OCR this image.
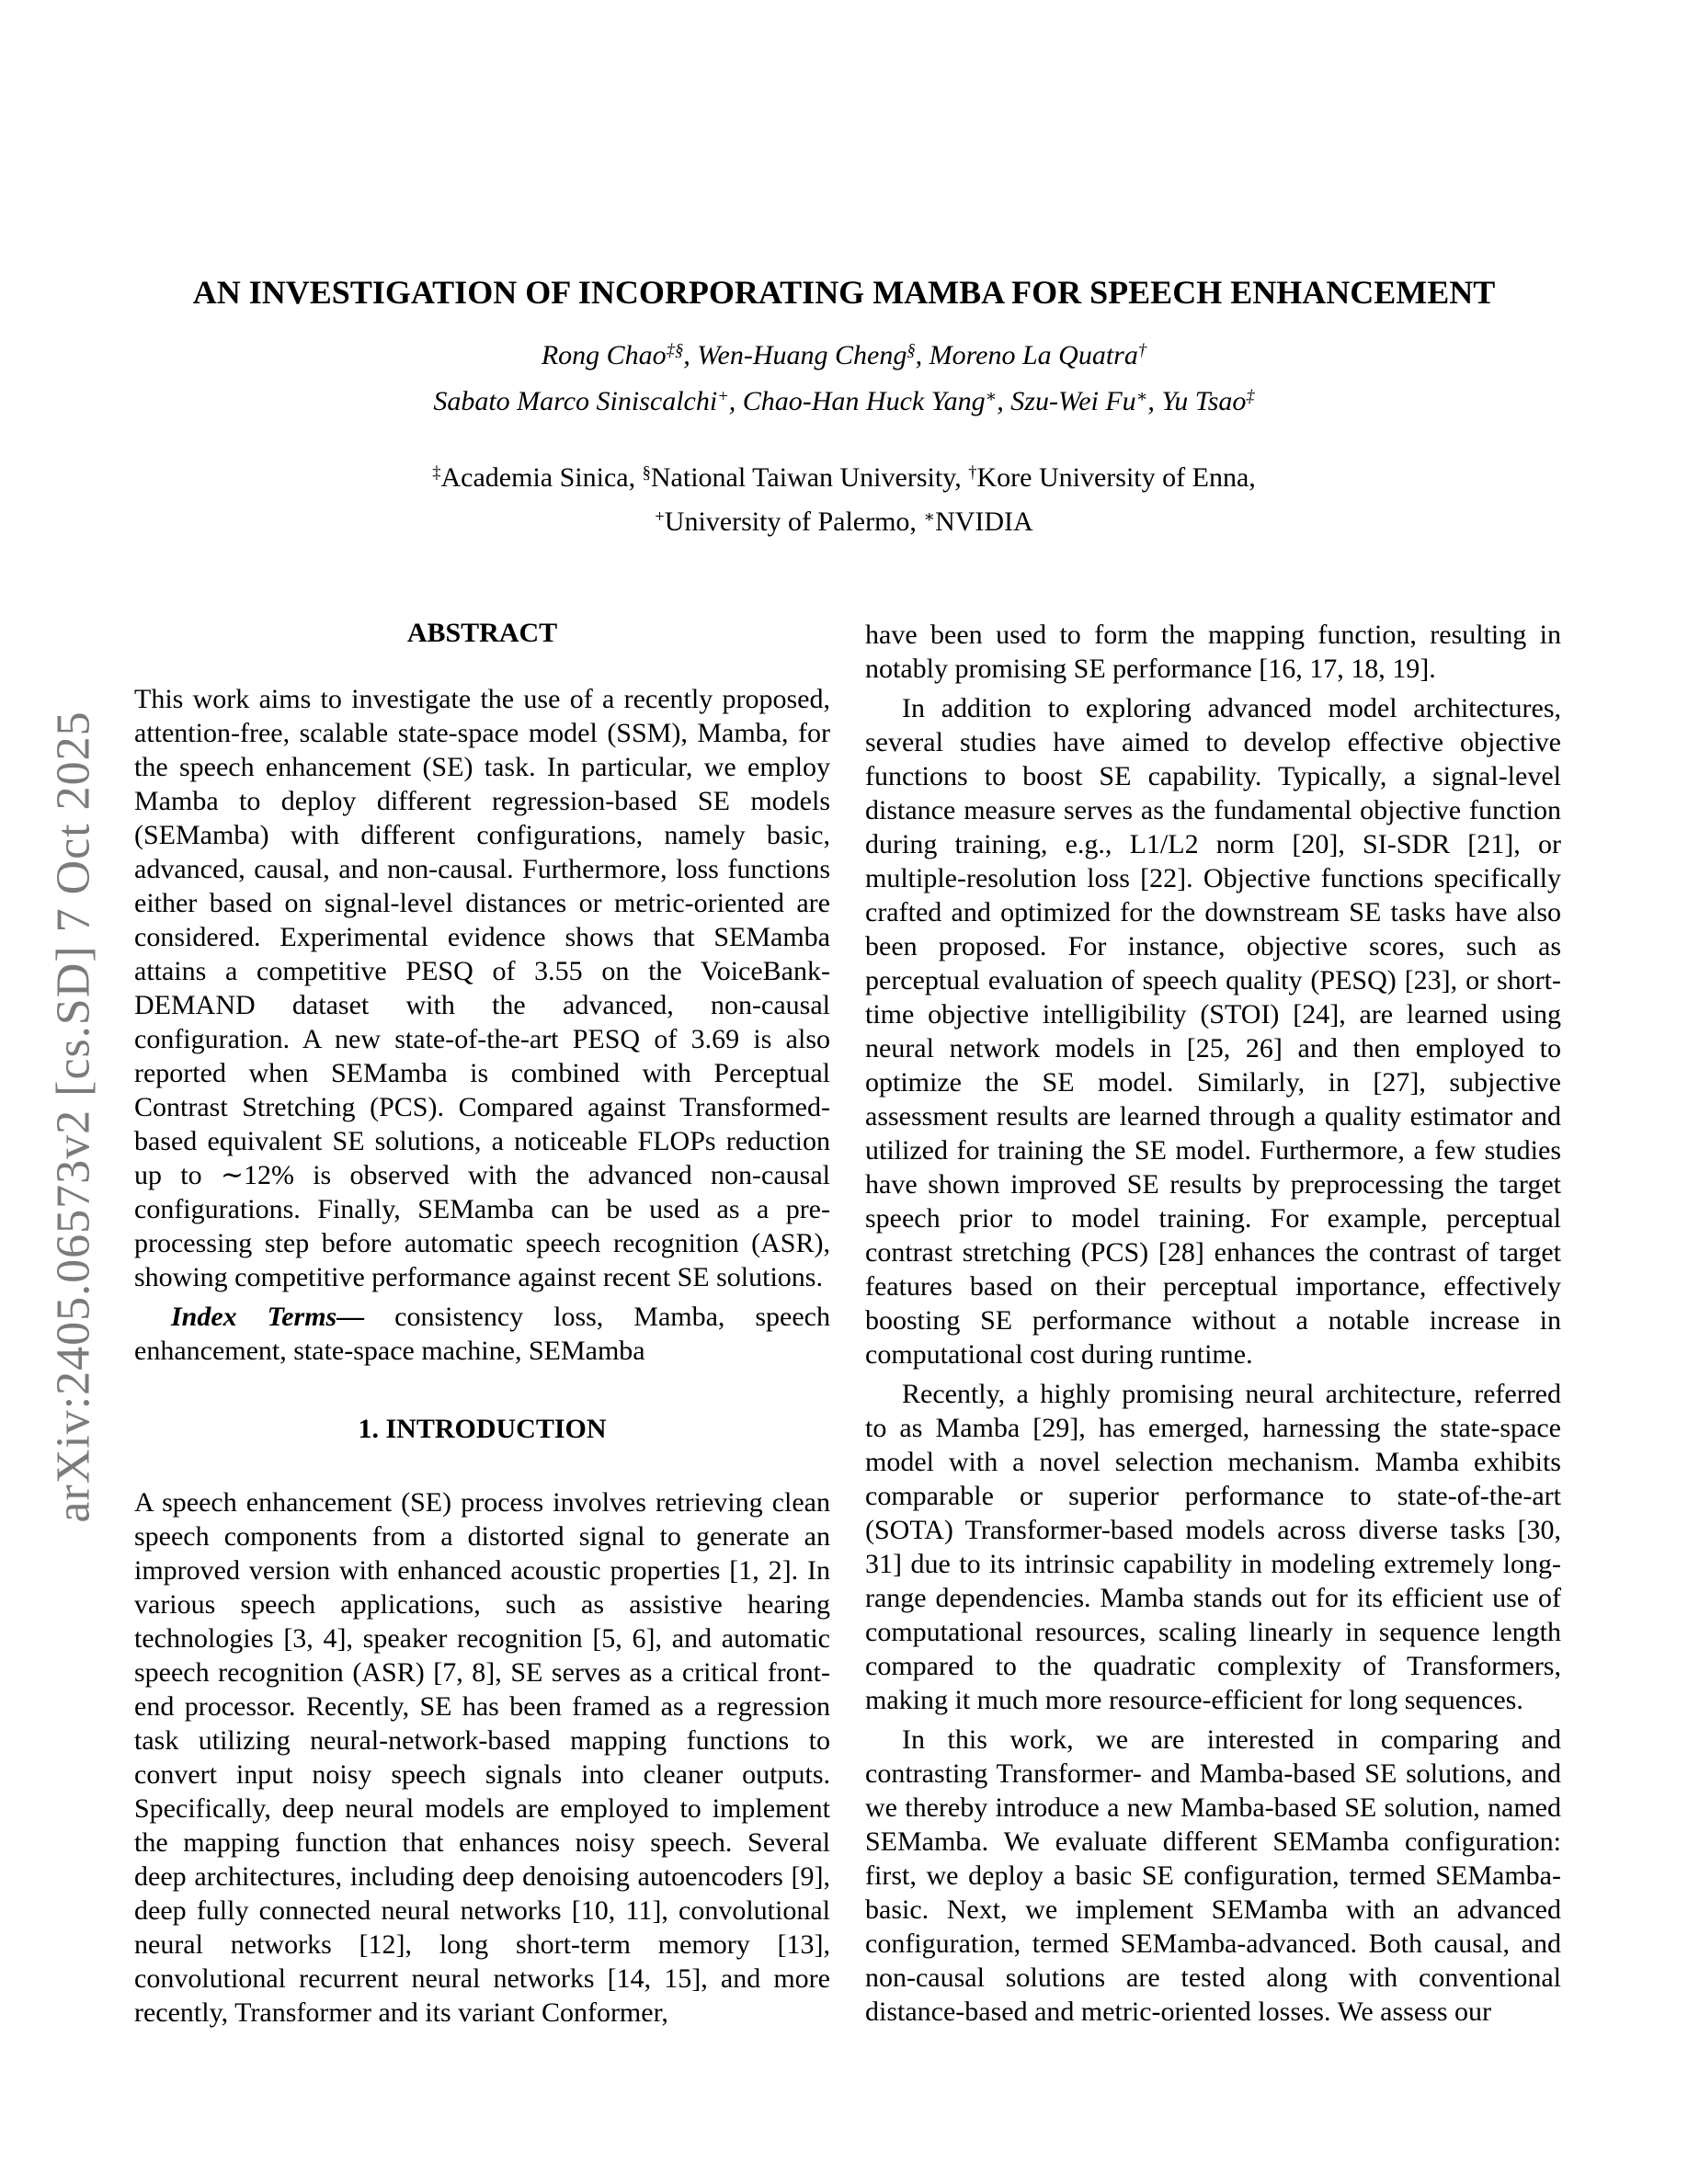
arXiv:2405.06573v2 [cs.SD] 7 Oct 2025
AN INVESTIGATION OF INCORPORATING MAMBA FOR SPEECH ENHANCEMENT
Rong Chao‡§, Wen-Huang Cheng§, Moreno La Quatra†
Sabato Marco Siniscalchi+, Chao-Han Huck Yang∗, Szu-Wei Fu∗, Yu Tsao‡
‡Academia Sinica, §National Taiwan University, †Kore University of Enna,
+University of Palermo, ∗NVIDIA
ABSTRACT

This work aims to investigate the use of a recently proposed, attention-free, scalable state-space model (SSM), Mamba, for the speech enhancement (SE) task. In particular, we employ Mamba to deploy different regression-based SE models (SEMamba) with different configurations, namely basic, advanced, causal, and non-causal. Furthermore, loss functions either based on signal-level distances or metric-oriented are considered. Experimental evidence shows that SEMamba attains a competitive PESQ of 3.55 on the VoiceBank-DEMAND dataset with the advanced, non-causal configuration. A new state-of-the-art PESQ of 3.69 is also reported when SEMamba is combined with Perceptual Contrast Stretching (PCS). Compared against Transformed-based equivalent SE solutions, a noticeable FLOPs reduction up to ∼12% is observed with the advanced non-causal configurations. Finally, SEMamba can be used as a pre-processing step before automatic speech recognition (ASR), showing competitive performance against recent SE solutions.

Index Terms— consistency loss, Mamba, speech enhancement, state-space machine, SEMamba

1. INTRODUCTION

A speech enhancement (SE) process involves retrieving clean speech components from a distorted signal to generate an improved version with enhanced acoustic properties [1, 2]. In various speech applications, such as assistive hearing technologies [3, 4], speaker recognition [5, 6], and automatic speech recognition (ASR) [7, 8], SE serves as a critical front-end processor. Recently, SE has been framed as a regression task utilizing neural-network-based mapping functions to convert input noisy speech signals into cleaner outputs. Specifically, deep neural models are employed to implement the mapping function that enhances noisy speech. Several deep architectures, including deep denoising autoencoders [9], deep fully connected neural networks [10, 11], convolutional neural networks [12], long short-term memory [13], convolutional recurrent neural networks [14, 15], and more recently, Transformer and its variant Conformer,

have been used to form the mapping function, resulting in notably promising SE performance [16, 17, 18, 19].

In addition to exploring advanced model architectures, several studies have aimed to develop effective objective functions to boost SE capability. Typically, a signal-level distance measure serves as the fundamental objective function during training, e.g., L1/L2 norm [20], SI-SDR [21], or multiple-resolution loss [22]. Objective functions specifically crafted and optimized for the downstream SE tasks have also been proposed. For instance, objective scores, such as perceptual evaluation of speech quality (PESQ) [23], or short-time objective intelligibility (STOI) [24], are learned using neural network models in [25, 26] and then employed to optimize the SE model. Similarly, in [27], subjective assessment results are learned through a quality estimator and utilized for training the SE model. Furthermore, a few studies have shown improved SE results by preprocessing the target speech prior to model training. For example, perceptual contrast stretching (PCS) [28] enhances the contrast of target features based on their perceptual importance, effectively boosting SE performance without a notable increase in computational cost during runtime.

Recently, a highly promising neural architecture, referred to as Mamba [29], has emerged, harnessing the state-space model with a novel selection mechanism. Mamba exhibits comparable or superior performance to state-of-the-art (SOTA) Transformer-based models across diverse tasks [30, 31] due to its intrinsic capability in modeling extremely long-range dependencies. Mamba stands out for its efficient use of computational resources, scaling linearly in sequence length compared to the quadratic complexity of Transformers, making it much more resource-efficient for long sequences.

In this work, we are interested in comparing and contrasting Transformer- and Mamba-based SE solutions, and we thereby introduce a new Mamba-based SE solution, named SEMamba. We evaluate different SEMamba configuration: first, we deploy a basic SE configuration, termed SEMamba-basic. Next, we implement SEMamba with an advanced configuration, termed SEMamba-advanced. Both causal, and non-causal solutions are tested along with conventional distance-based and metric-oriented losses. We assess our
